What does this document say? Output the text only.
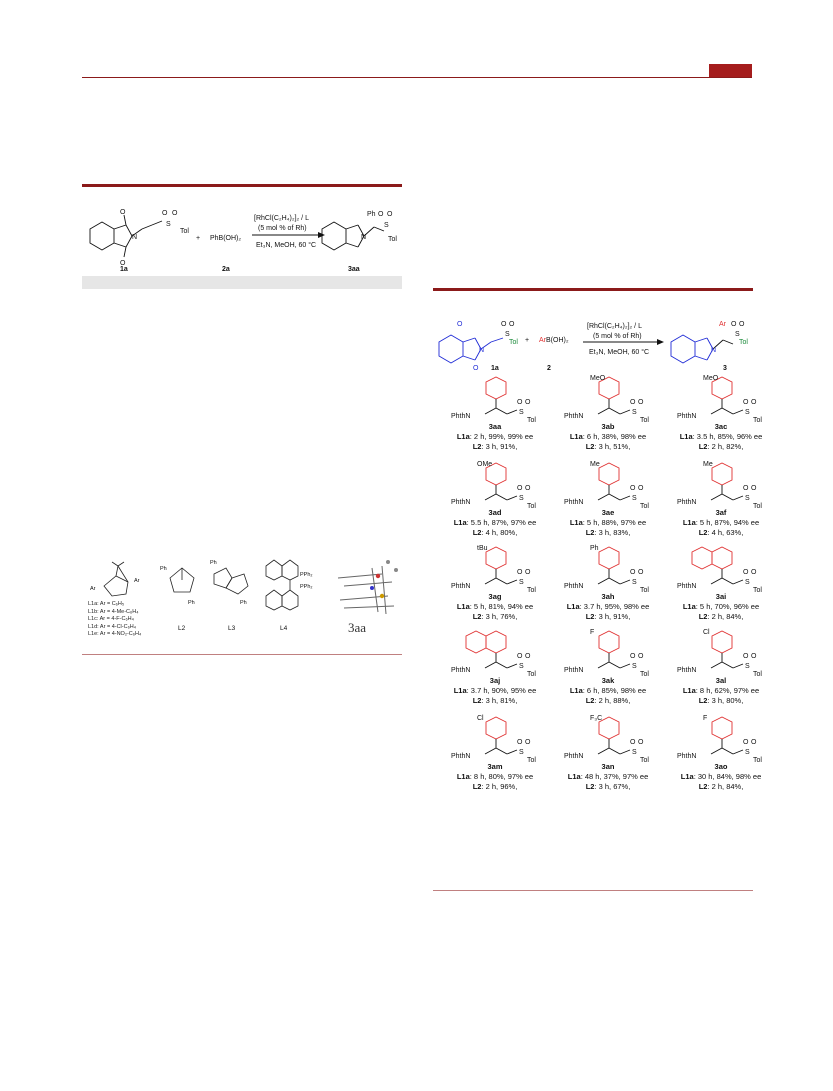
O
O
N
O O
S
Tol
1a
+ PhB(OH)₂
2a
[RhCl(C₂H₄)₂]₂ / L
(5 mol % of Rh)
Et₃N, MeOH, 60 °C
N
Ph O O
S
Tol
3aa
Ar
Ar
Ph
Ph
L2
Ph
Ph
L3
PPh₂
PPh₂
L4
L1a: Ar = C₆H₅
L1b: Ar = 4-Me-C₆H₄
L1c: Ar = 4-F-C₆H₄
L1d: Ar = 4-Cl-C₆H₄
L1e: Ar = 4-NO₂-C₆H₄	3aa
O
O
N
O O
S
Tol
1a
+ ArB(OH)₂
2
[RhCl(C₂H₄)₂]₂ / L
(5 mol % of Rh)
Et₃N, MeOH, 60 °C	N
Ar O O
S
Tol
3
PhthN
O O
S
Tol
3aa
L1a: 2 h, 99%, 99% ee
L2: 3 h, 91%,
PhthN
O O
S
Tol
MeO
3ab
L1a: 6 h, 38%, 98% ee
L2: 3 h, 51%,
PhthN
O O
S
Tol
MeO
3ac
L1a: 3.5 h, 85%, 96% ee
L2: 2 h, 82%,
PhthN
O O
S
Tol
OMe
3ad
L1a: 5.5 h, 87%, 97% ee
L2: 4 h, 80%,
PhthN
O O
S
Tol
Me
3ae
L1a: 5 h, 88%, 97% ee
L2: 3 h, 83%,
PhthN
O O
S
Tol
Me
3af
L1a: 5 h, 87%, 94% ee
L2: 4 h, 63%,
PhthN
O O
S
Tol
tBu
3ag
L1a: 5 h, 81%, 94% ee
L2: 3 h, 76%,
PhthN
O O
S
Tol
Ph
3ah
L1a: 3.7 h, 95%, 98% ee
L2: 3 h, 91%,
PhthN
O O
S
Tol
3ai
L1a: 5 h, 70%, 96% ee
L2: 2 h, 84%,
PhthN
O O
S
Tol
3aj
L1a: 3.7 h, 90%, 95% ee
L2: 3 h, 81%,
PhthN
O O
S
Tol
F
3ak
L1a: 6 h, 85%, 98% ee
L2: 2 h, 88%,
PhthN
O O
S
Tol
Cl
3al
L1a: 8 h, 62%, 97% ee
L2: 3 h, 80%,
PhthN
O O
S
Tol
Cl
3am
L1a: 8 h, 80%, 97% ee
L2: 2 h, 96%,
PhthN
O O
S
Tol
F₃C
3an
L1a: 48 h, 37%, 97% ee
L2: 3 h, 67%,
PhthN
O O
S
Tol
F
3ao
L1a: 30 h, 84%, 98% ee
L2: 2 h, 84%,
